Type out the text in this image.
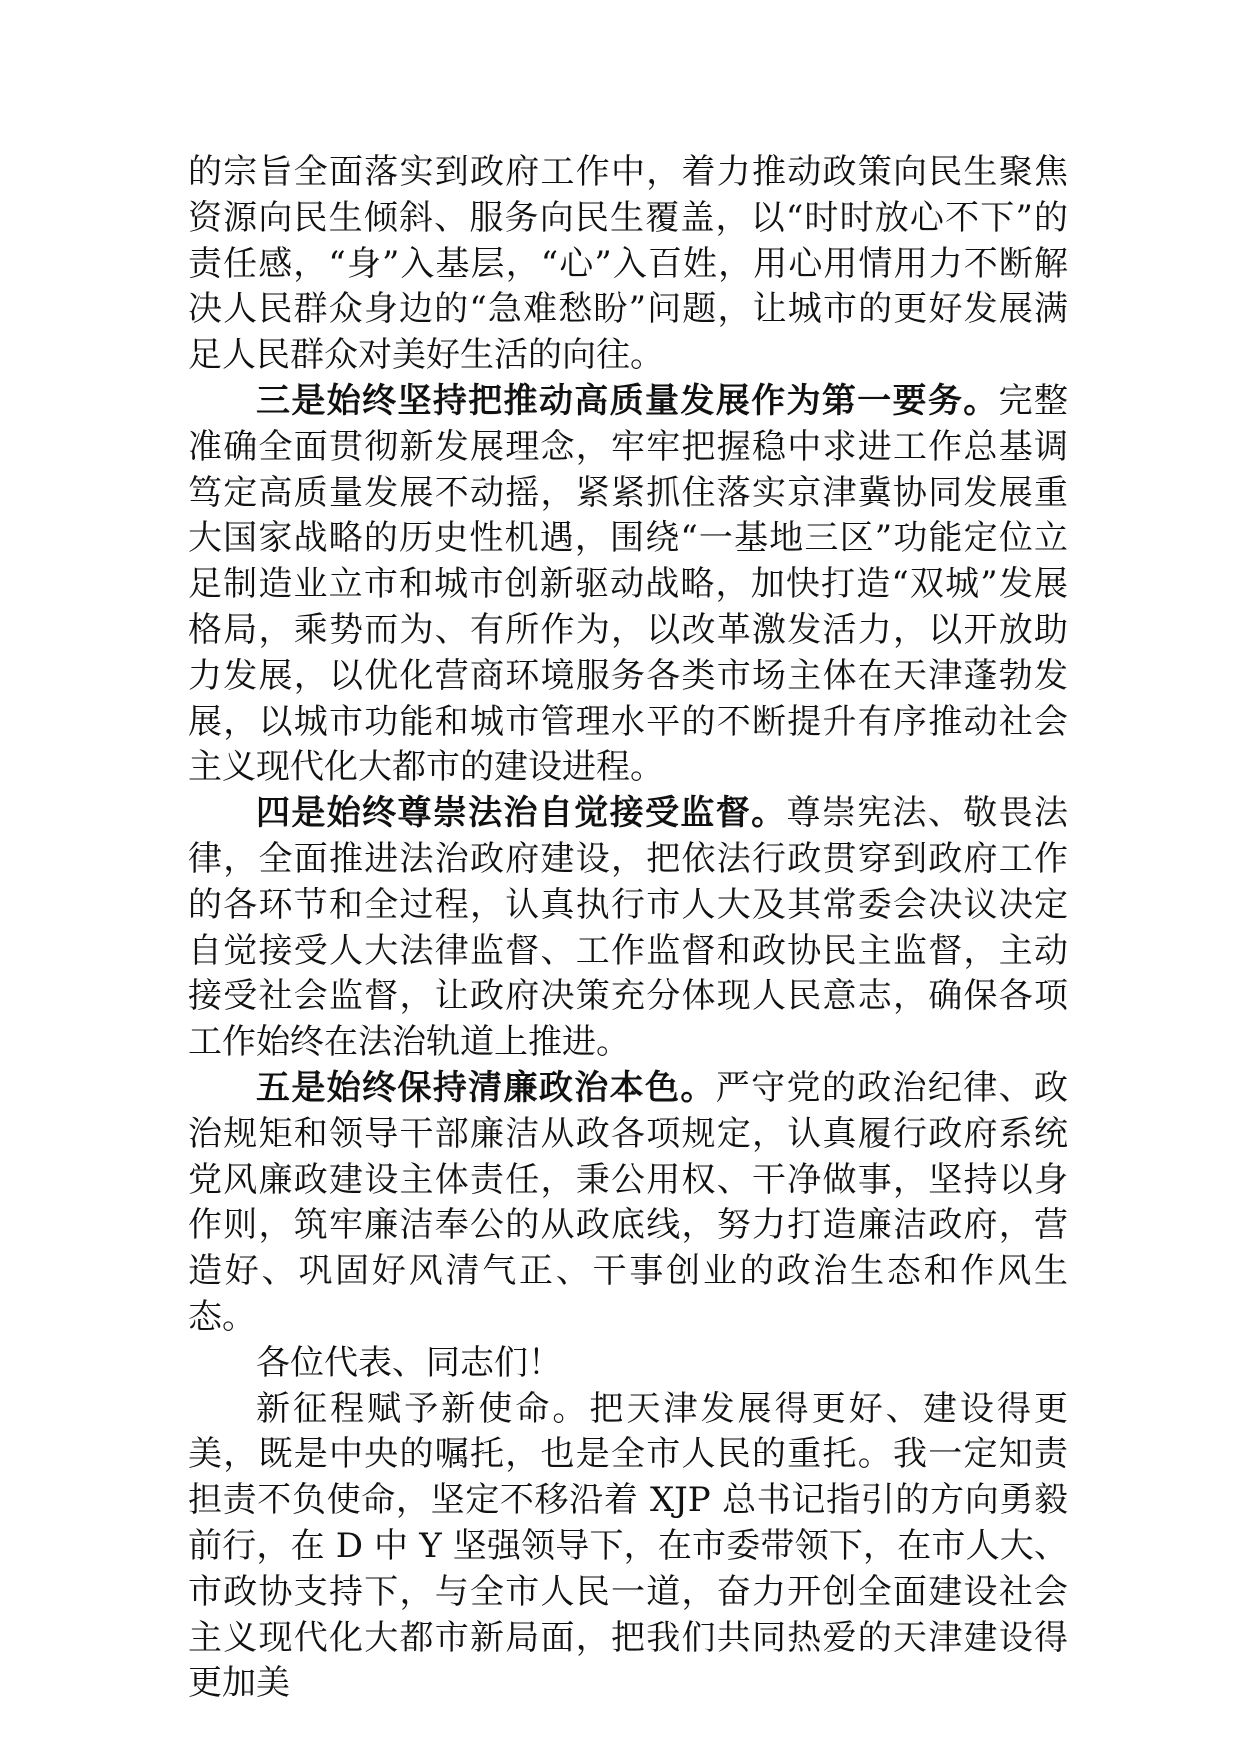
的宗旨全面落实到政府工作中，着力推动政策向民生聚焦资源向民生倾斜、服务向民生覆盖，以“时时放心不下”的责任感，“身”入基层，“心”入百姓，用心用情用力不断解决人民群众身边的“急难愁盼”问题，让城市的更好发展满足人民群众对美好生活的向往。

三是始终坚持把推动高质量发展作为第一要务。完整准确全面贯彻新发展理念，牢牢把握稳中求进工作总基调笃定高质量发展不动摇，紧紧抓住落实京津冀协同发展重大国家战略的历史性机遇，围绕“一基地三区”功能定位立足制造业立市和城市创新驱动战略，加快打造“双城”发展格局，乘势而为、有所作为，以改革激发活力，以开放助力发展，以优化营商环境服务各类市场主体在天津蓬勃发展，以城市功能和城市管理水平的不断提升有序推动社会主义现代化大都市的建设进程。

四是始终尊崇法治自觉接受监督。尊崇宪法、敬畏法律，全面推进法治政府建设，把依法行政贯穿到政府工作的各环节和全过程，认真执行市人大及其常委会决议决定自觉接受人大法律监督、工作监督和政协民主监督，主动接受社会监督，让政府决策充分体现人民意志，确保各项工作始终在法治轨道上推进。

五是始终保持清廉政治本色。严守党的政治纪律、政治规矩和领导干部廉洁从政各项规定，认真履行政府系统党风廉政建设主体责任，秉公用权、干净做事，坚持以身作则，筑牢廉洁奉公的从政底线，努力打造廉洁政府，营造好、巩固好风清气正、干事创业的政治生态和作风生态。

各位代表、同志们！

新征程赋予新使命。把天津发展得更好、建设得更美，既是中央的嘱托，也是全市人民的重托。我一定知责担责不负使命，坚定不移沿着 XJP 总书记指引的方向勇毅前行，在 D 中 Y 坚强领导下，在市委带领下，在市人大、市政协支持下，与全市人民一道，奋力开创全面建设社会主义现代化大都市新局面，把我们共同热爱的天津建设得更加美
